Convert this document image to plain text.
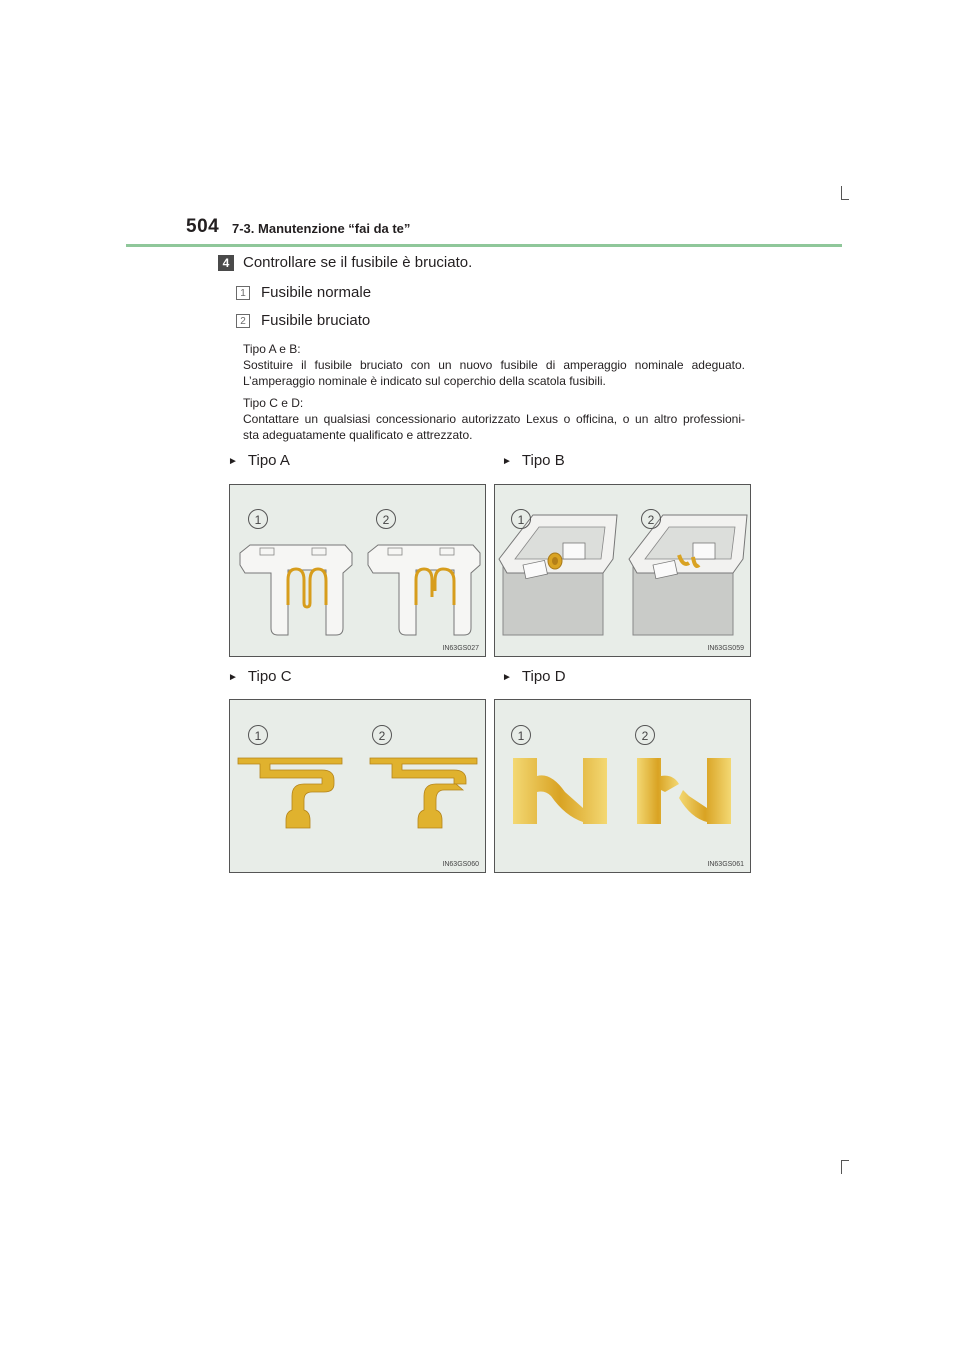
504 7-3. Manutenzione “fai da te”
4 Controllare se il fusibile è bruciato.
1 Fusibile normale
2 Fusibile bruciato

Tipo A e B:

Sostituire il fusibile bruciato con un nuovo fusibile di amperaggio nominale adeguato.

L’amperaggio nominale è indicato sul coperchio della scatola fusibili.

Tipo C e D:

Contattare un qualsiasi concessionario autorizzato Lexus o officina, o un altro professioni-

sta adeguatamente qualificato e attrezzato.

► Tipo A	► Tipo B
► Tipo C	► Tipo D
1	2
IN63GS027
1	2
IN63GS059
1	2
IN63GS060
1	2
IN63GS061
